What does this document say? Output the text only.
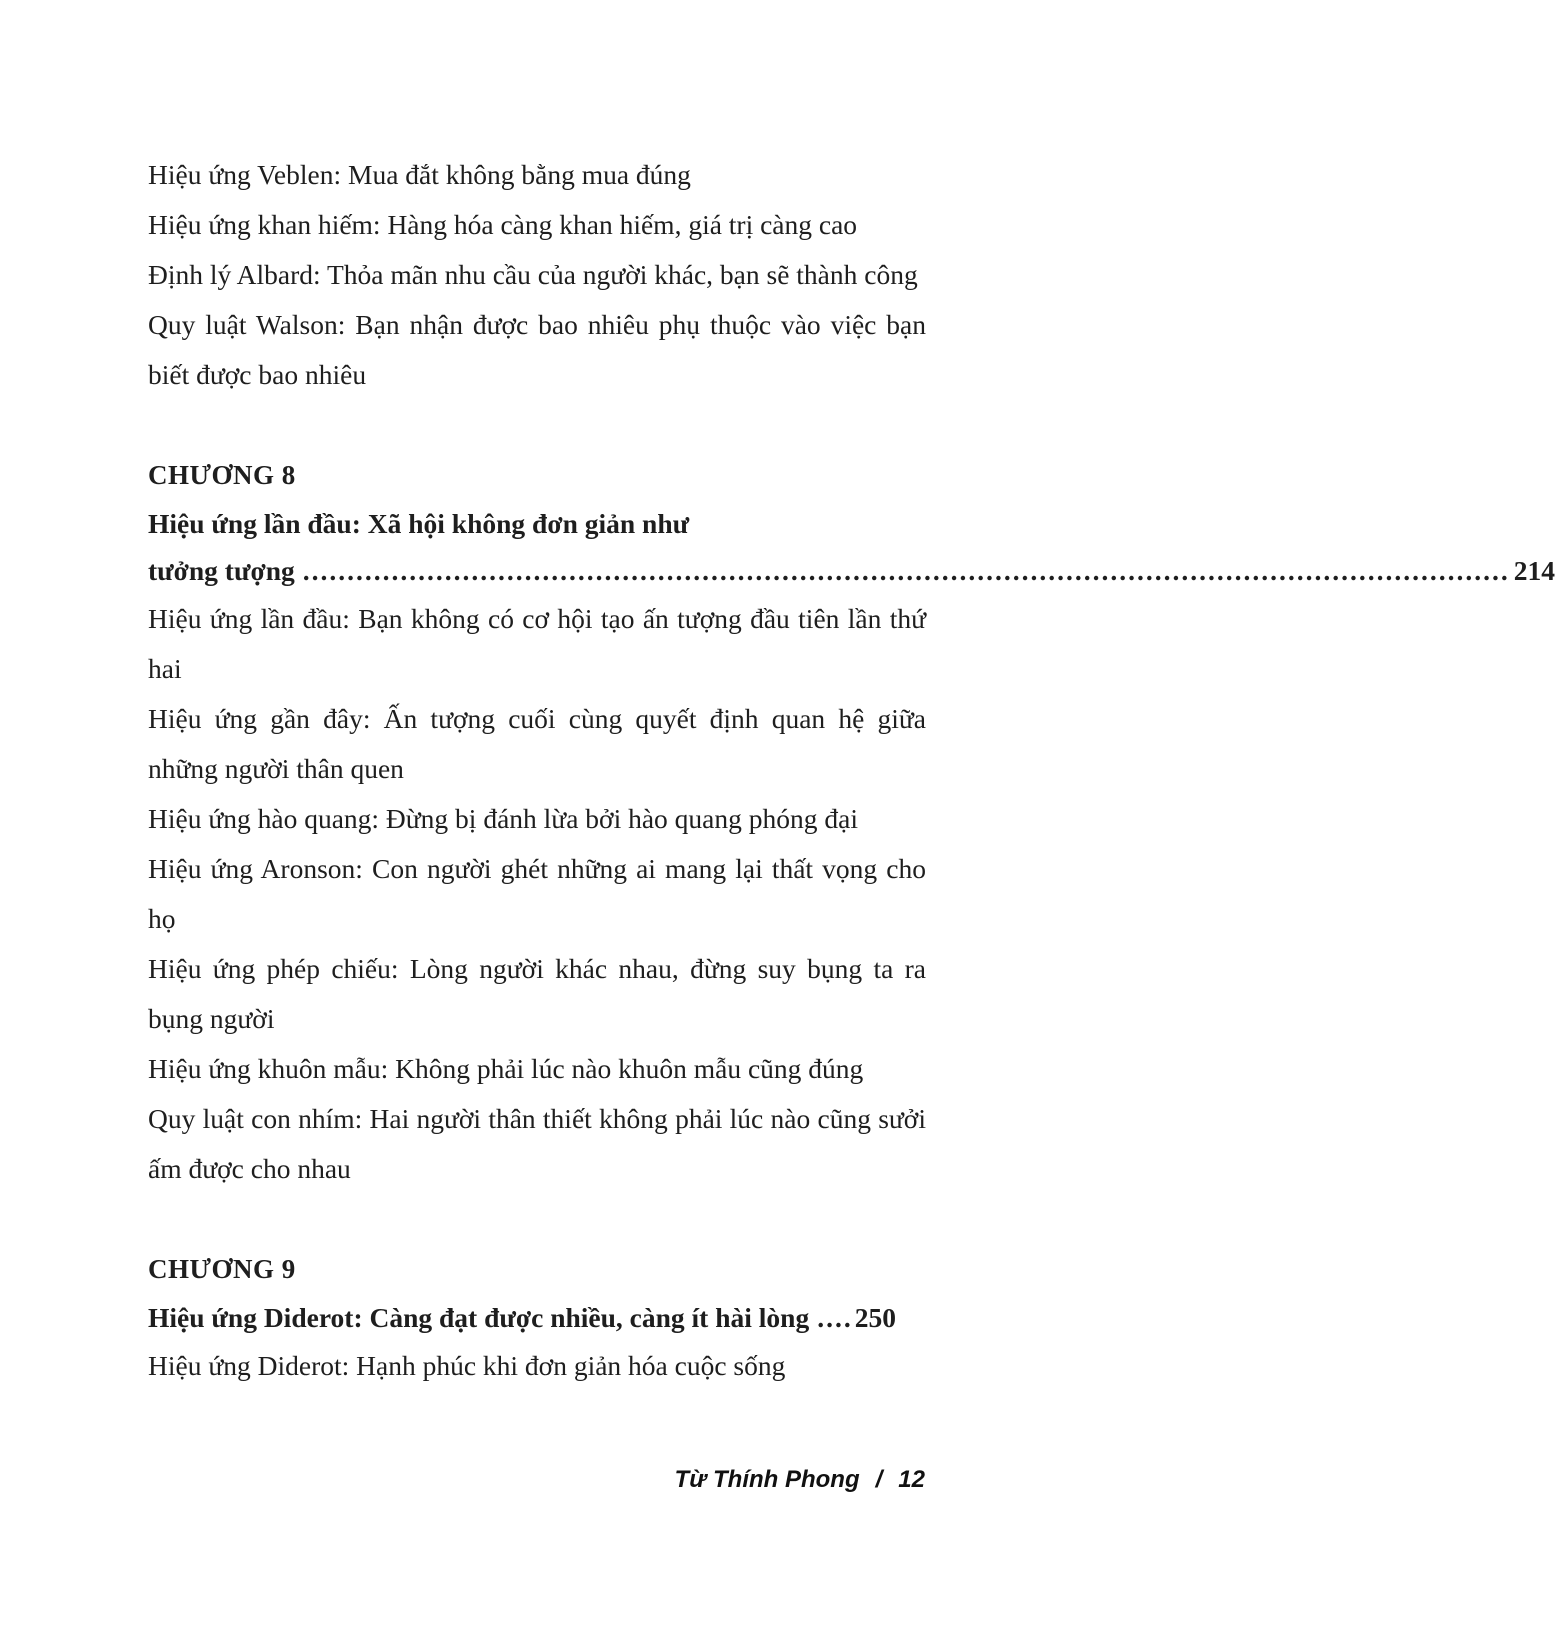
Hiệu ứng Veblen: Mua đắt không bằng mua đúng

Hiệu ứng khan hiếm: Hàng hóa càng khan hiếm, giá trị càng cao

Định lý Albard: Thỏa mãn nhu cầu của người khác, bạn sẽ thành công

Quy luật Walson: Bạn nhận được bao nhiêu phụ thuộc vào việc bạn biết được bao nhiêu

CHƯƠNG 8

Hiệu ứng lần đầu: Xã hội không đơn giản như

tưởng tượng ........................................................................................................................................ 214

Hiệu ứng lần đầu: Bạn không có cơ hội tạo ấn tượng đầu tiên lần thứ hai

Hiệu ứng gần đây: Ấn tượng cuối cùng quyết định quan hệ giữa những người thân quen

Hiệu ứng hào quang: Đừng bị đánh lừa bởi hào quang phóng đại

Hiệu ứng Aronson: Con người ghét những ai mang lại thất vọng cho họ

Hiệu ứng phép chiếu: Lòng người khác nhau, đừng suy bụng ta ra bụng người

Hiệu ứng khuôn mẫu: Không phải lúc nào khuôn mẫu cũng đúng

Quy luật con nhím: Hai người thân thiết không phải lúc nào cũng sưởi ấm được cho nhau

CHƯƠNG 9

Hiệu ứng Diderot: Càng đạt được nhiều, càng ít hài lòng ....250

Hiệu ứng Diderot: Hạnh phúc khi đơn giản hóa cuộc sống

Từ Thính Phong / 12
